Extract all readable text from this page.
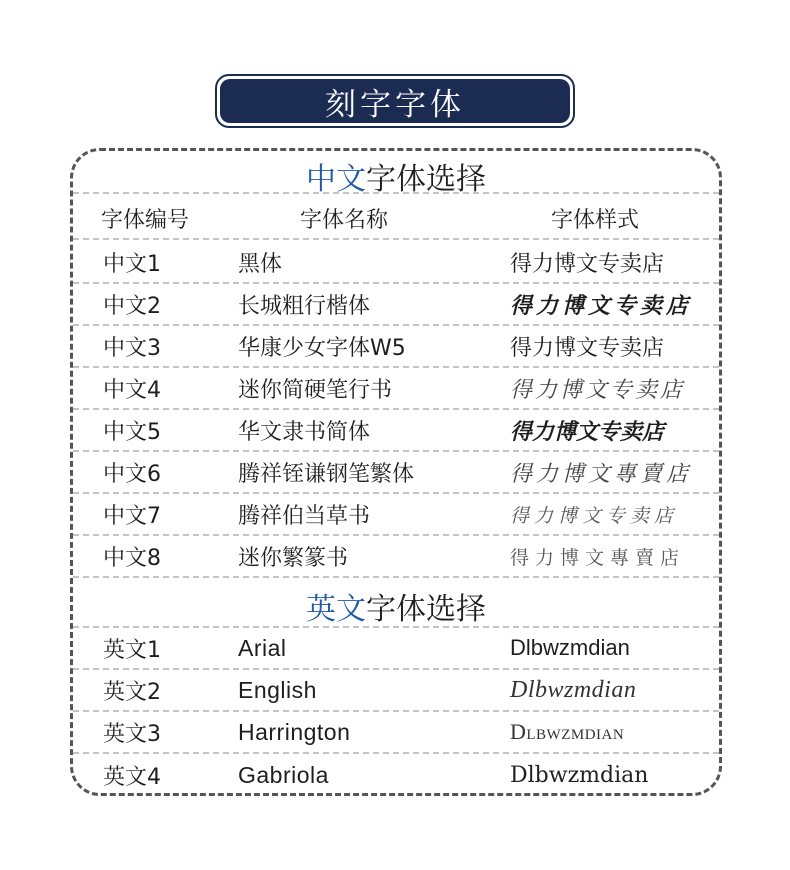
刻字字体
中文字体选择
字体编号	字体名称	字体样式
中文1	黑体	得力博文专卖店
中文2	长城粗行楷体	得力博文专卖店
中文3	华康少女字体W5	得力博文专卖店
中文4	迷你简硬笔行书	得力博文专卖店
中文5	华文隶书简体	得力博文专卖店
中文6	腾祥铚谦钢笔繁体	得力博文專賣店
中文7	腾祥伯当草书	得力博文专卖店
中文8	迷你繁篆书	得力博文專賣店
英文字体选择
英文1	Arial	Dlbwzmdian
英文2	English	Dlbwzmdian
英文3	Harrington	Dlbwzmdian
英文4	Gabriola	Dlbwzmdian
